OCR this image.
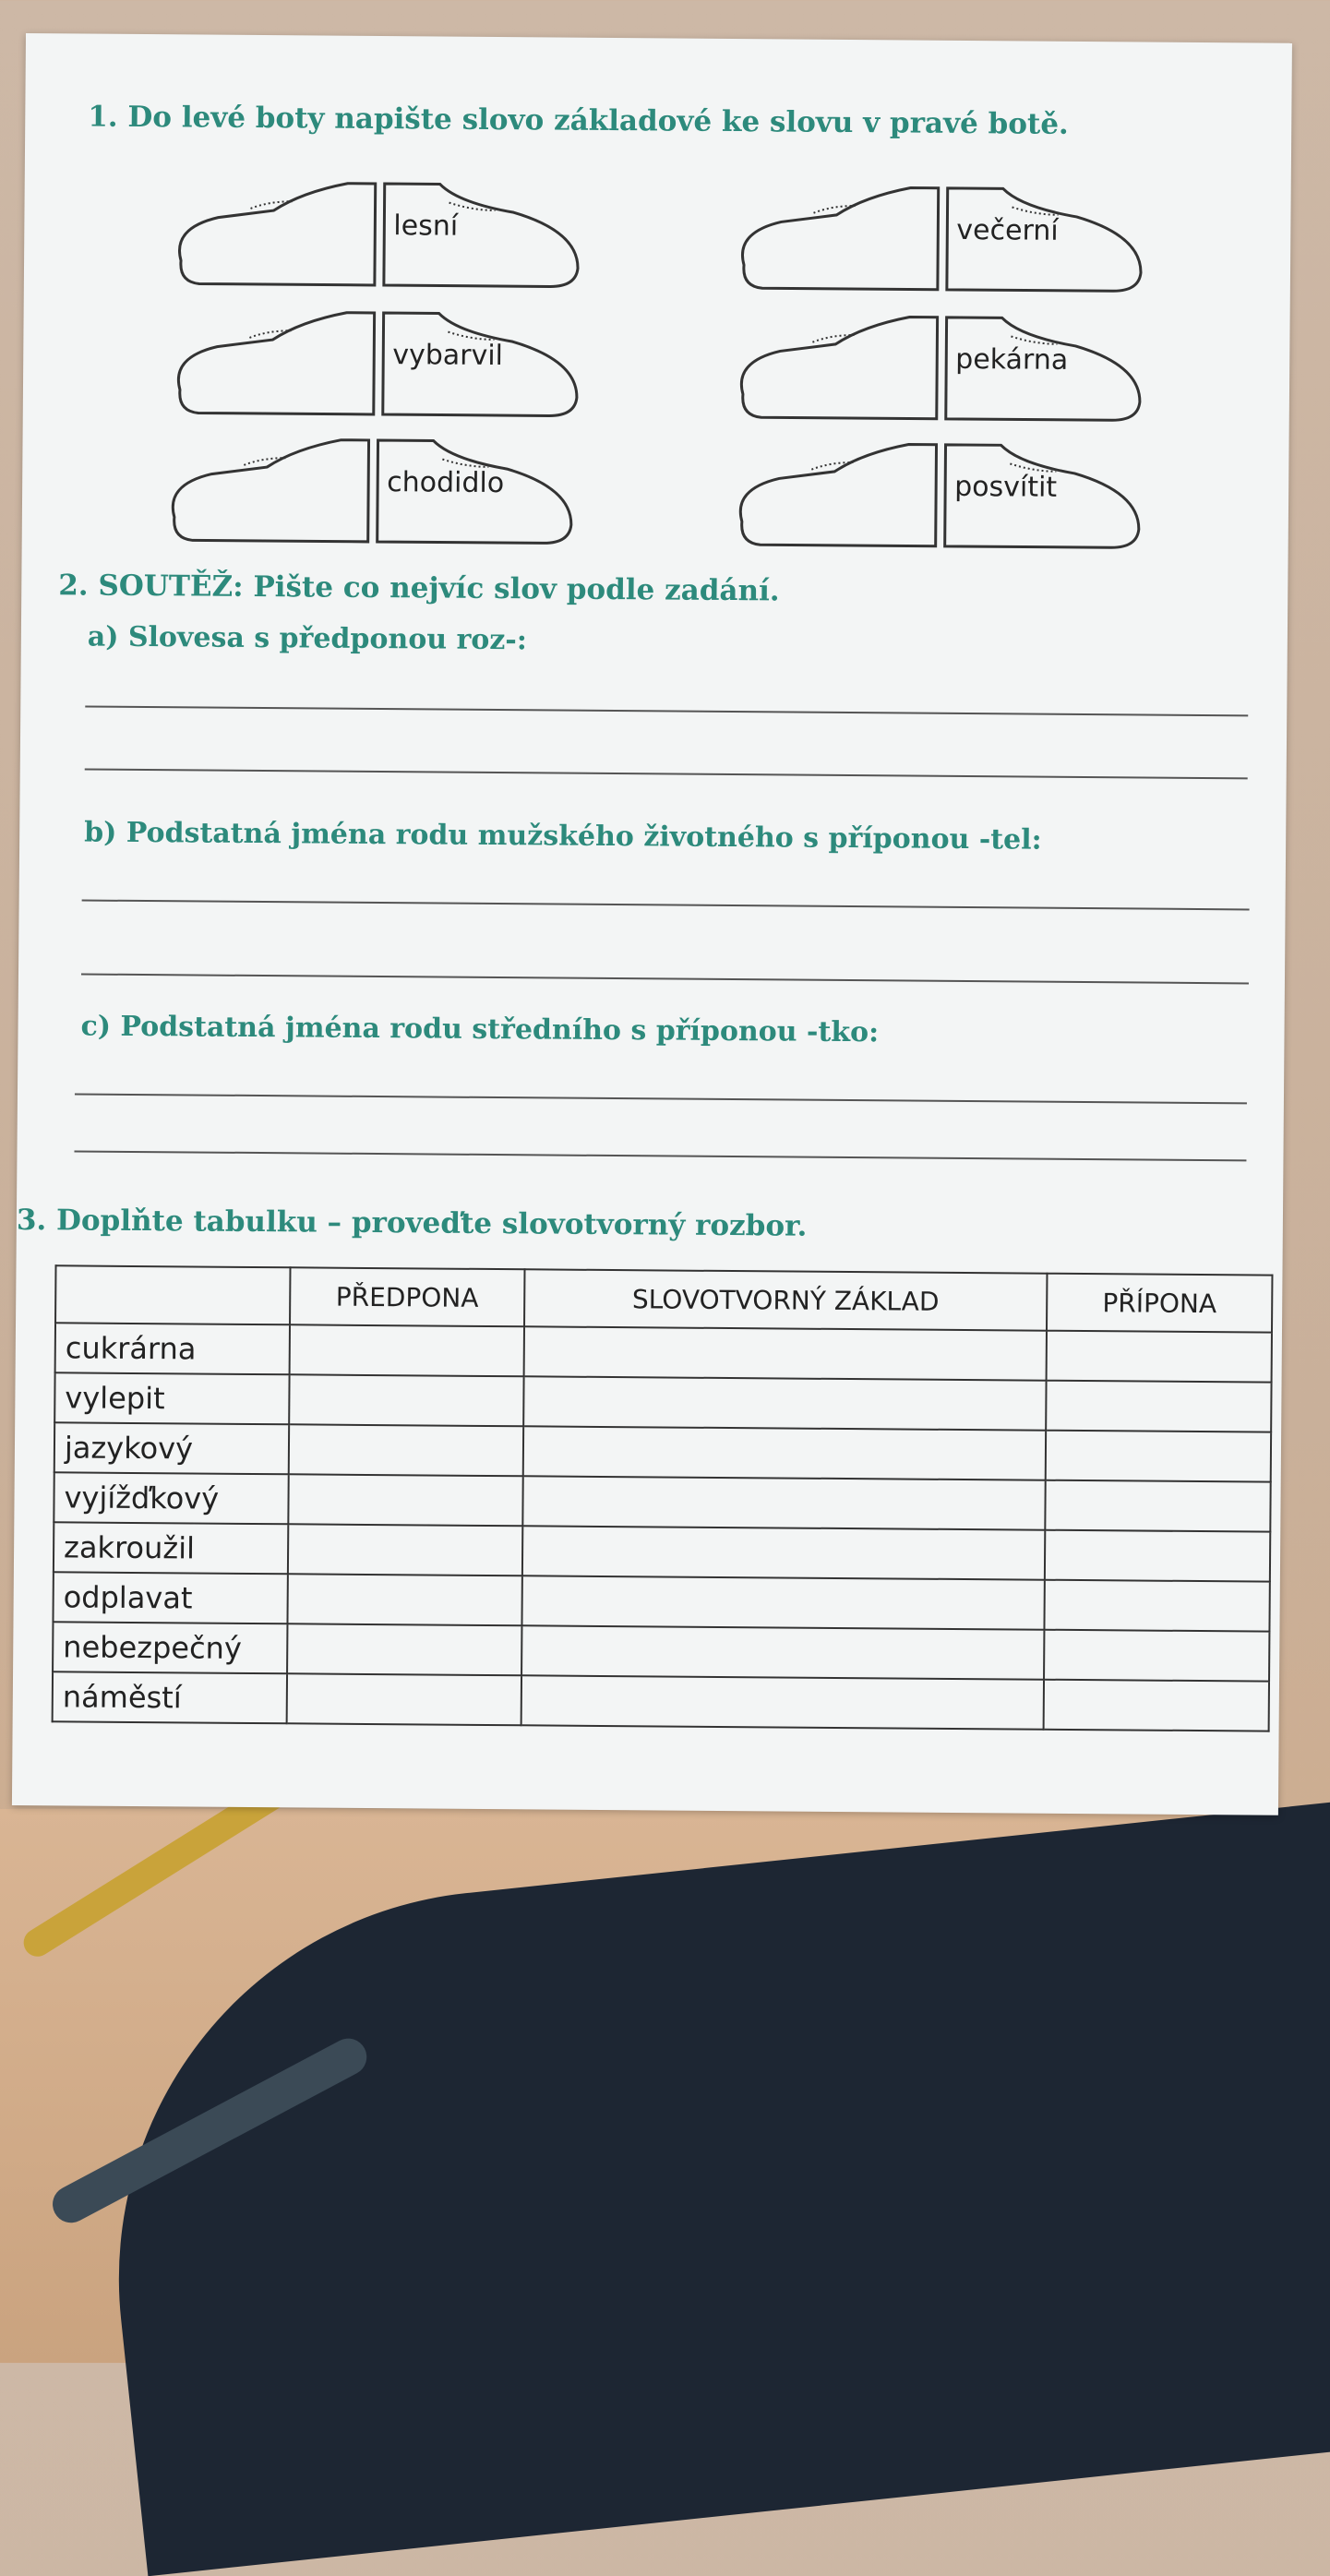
1. Do levé boty napište slovo základové ke slovu v pravé botě.
lesní	večerní
vybarvil	pekárna
chodidlo	posvítit
2. SOUTĚŽ: Pište co nejvíc slov podle zadání.
a) Slovesa s předponou roz-:
b) Podstatná jména rodu mužského životného s příponou -tel:
c) Podstatná jména rodu středního s příponou -tko:
3. Doplňte tabulku – proveďte slovotvorný rozbor.
	PŘEDPONA	SLOVOTVORNÝ ZÁKLAD	PŘÍPONA
cukrárna			
vylepit			
jazykový			
vyjížďkový			
zakroužil			
odplavat			
nebezpečný			
náměstí			
